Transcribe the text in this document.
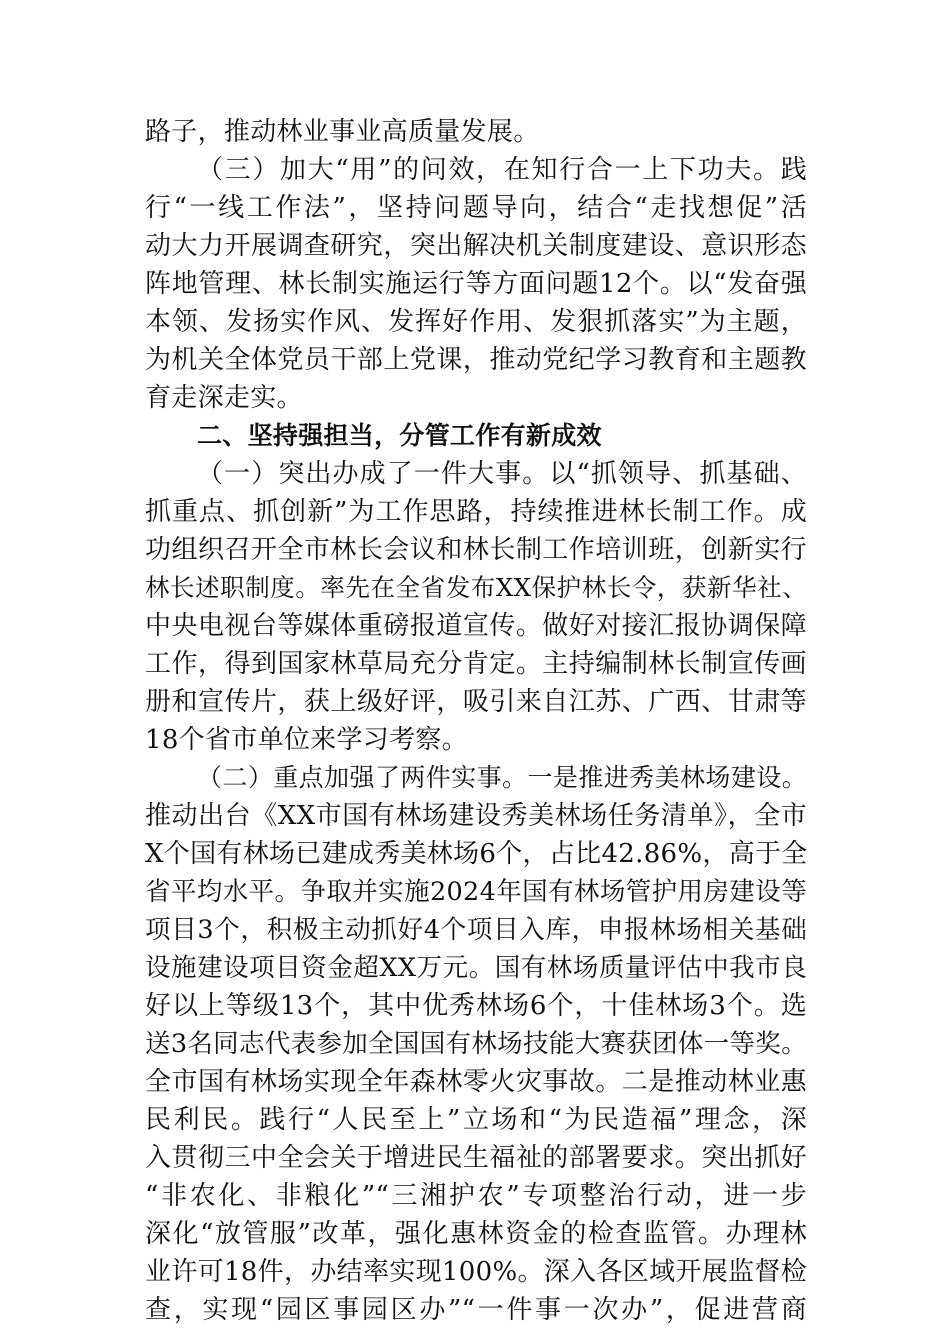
路子，推动林业事业高质量发展。
（三）加大“用”的问效，在知行合一上下功夫。践
行“一线工作法”，坚持问题导向，结合“走找想促”活
动大力开展调查研究，突出解决机关制度建设、意识形态
阵地管理、林长制实施运行等方面问题12个。以“发奋强
本领、发扬实作风、发挥好作用、发狠抓落实”为主题，
为机关全体党员干部上党课，推动党纪学习教育和主题教
育走深走实。
二、坚持强担当，分管工作有新成效
（一）突出办成了一件大事。以“抓领导、抓基础、
抓重点、抓创新”为工作思路，持续推进林长制工作。成
功组织召开全市林长会议和林长制工作培训班，创新实行
林长述职制度。率先在全省发布XX保护林长令，获新华社、
中央电视台等媒体重磅报道宣传。做好对接汇报协调保障
工作，得到国家林草局充分肯定。主持编制林长制宣传画
册和宣传片，获上级好评，吸引来自江苏、广西、甘肃等
18个省市单位来学习考察。
（二）重点加强了两件实事。一是推进秀美林场建设。
推动出台《XX市国有林场建设秀美林场任务清单》，全市
X个国有林场已建成秀美林场6个，占比42.86%，高于全
省平均水平。争取并实施2024年国有林场管护用房建设等
项目3个，积极主动抓好4个项目入库，申报林场相关基础
设施建设项目资金超XX万元。国有林场质量评估中我市良
好以上等级13个，其中优秀林场6个，十佳林场3个。选
送3名同志代表参加全国国有林场技能大赛获团体一等奖。
全市国有林场实现全年森林零火灾事故。二是推动林业惠
民利民。践行“人民至上”立场和“为民造福”理念，深
入贯彻三中全会关于增进民生福祉的部署要求。突出抓好
“非农化、非粮化”“三湘护农”专项整治行动，进一步
深化“放管服”改革，强化惠林资金的检查监管。办理林
业许可18件，办结率实现100%。深入各区域开展监督检
查，实现“园区事园区办”“一件事一次办”，促进营商
